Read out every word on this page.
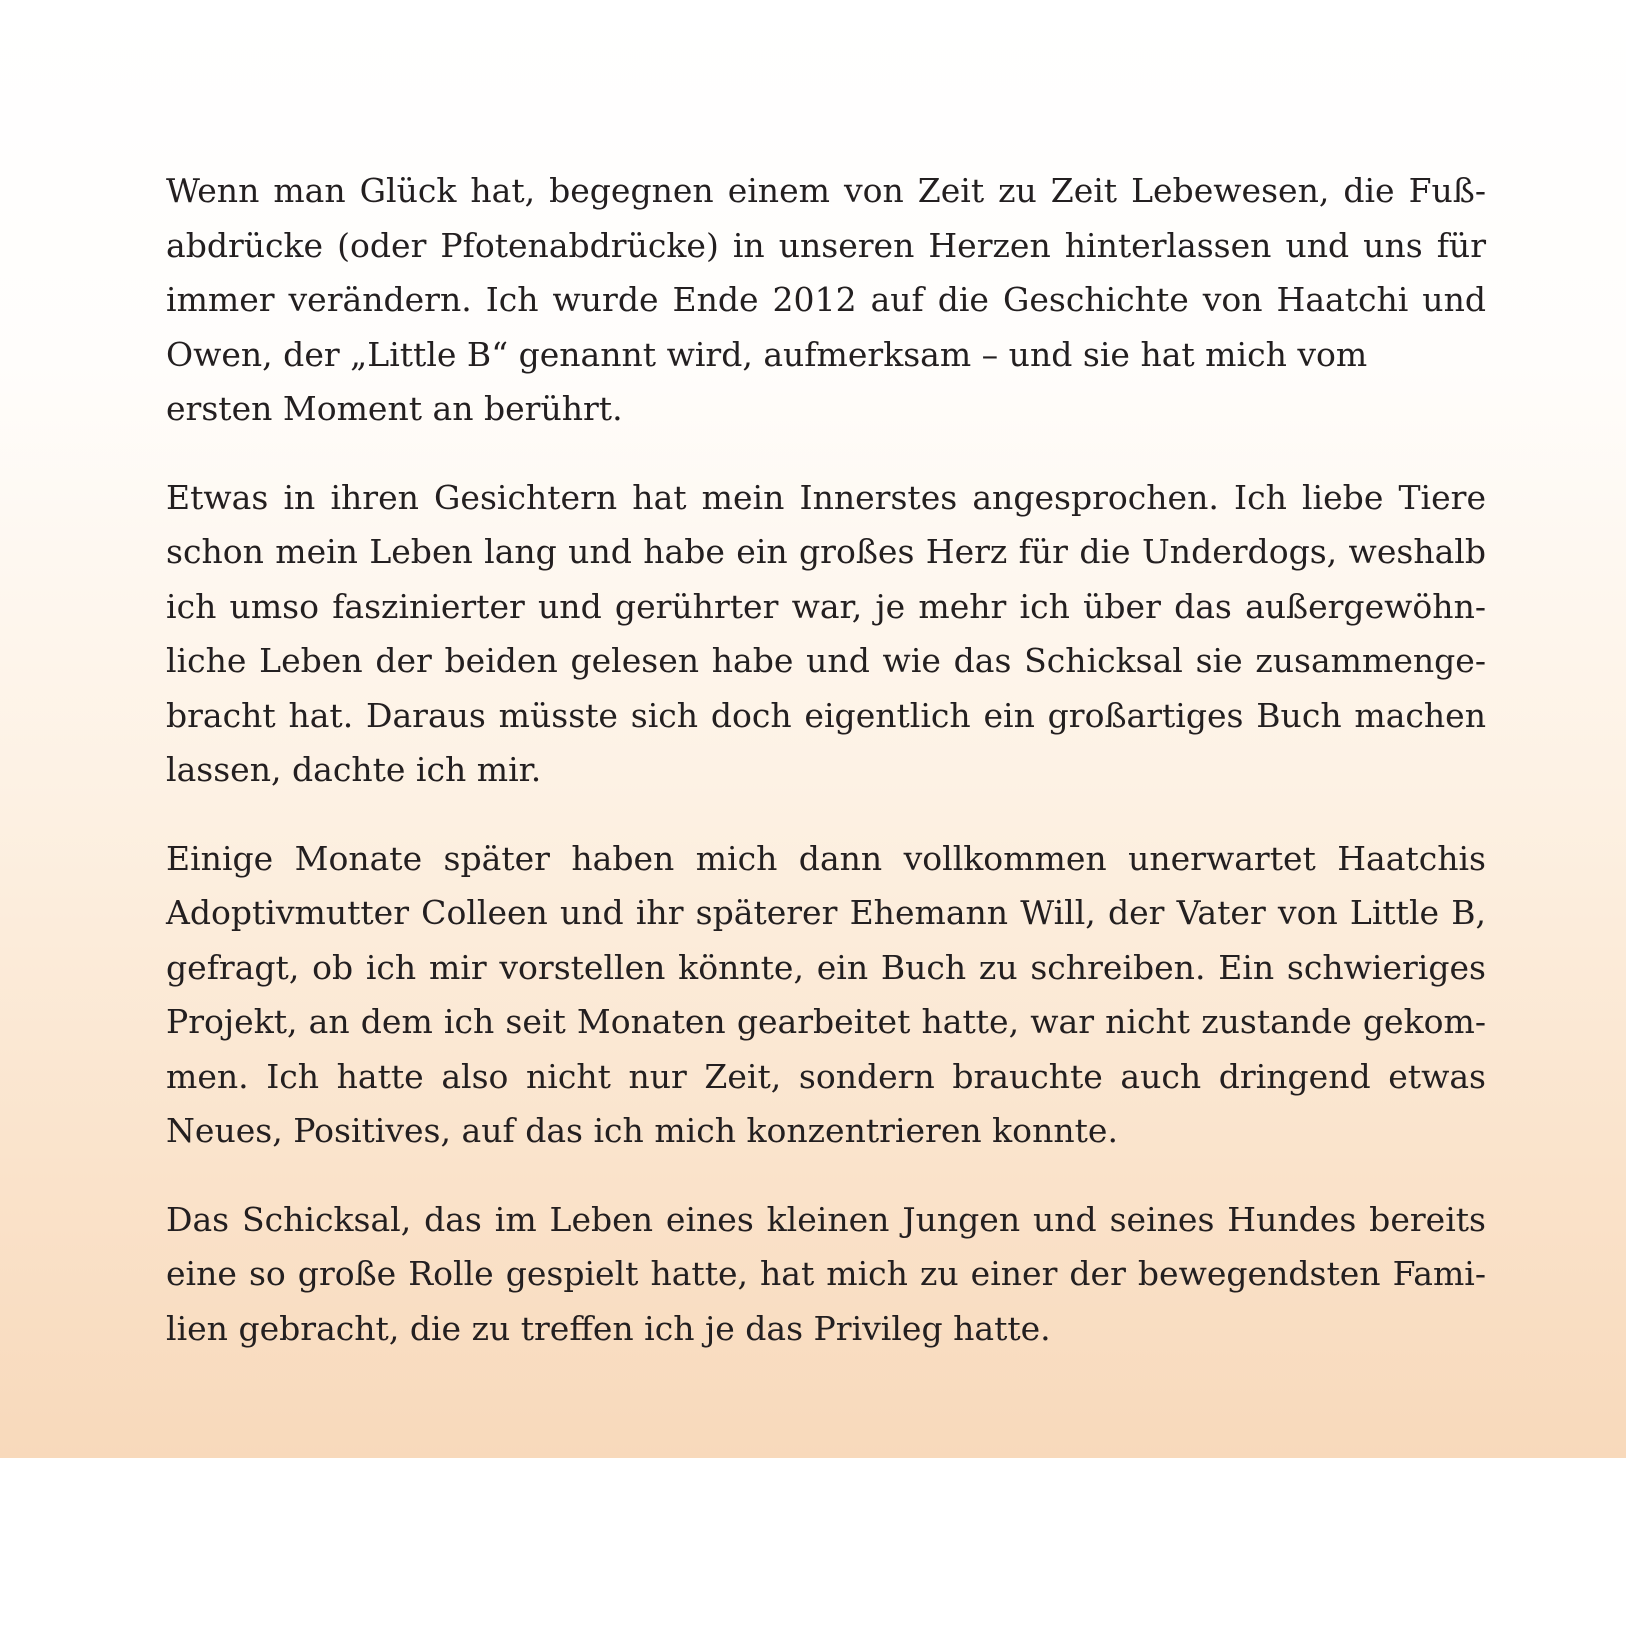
Wenn man Glück hat, begegnen einem von Zeit zu Zeit Lebewesen, die Fuß-
abdrücke (oder Pfotenabdrücke) in unseren Herzen hinterlassen und uns für
immer verändern. Ich wurde Ende 2012 auf die Geschichte von Haatchi und
Owen, der „Little B“ genannt wird, aufmerksam – und sie hat mich vom
ersten Moment an berührt.

Etwas in ihren Gesichtern hat mein Innerstes angesprochen. Ich liebe Tiere
schon mein Leben lang und habe ein großes Herz für die Underdogs, weshalb
ich umso faszinierter und gerührter war, je mehr ich über das außergewöhn-
liche Leben der beiden gelesen habe und wie das Schicksal sie zusammenge-
bracht hat. Daraus müsste sich doch eigentlich ein großartiges Buch machen
lassen, dachte ich mir.

Einige Monate später haben mich dann vollkommen unerwartet Haatchis
Adoptivmutter Colleen und ihr späterer Ehemann Will, der Vater von Little B,
gefragt, ob ich mir vorstellen könnte, ein Buch zu schreiben. Ein schwieriges
Projekt, an dem ich seit Monaten gearbeitet hatte, war nicht zustande gekom-
men. Ich hatte also nicht nur Zeit, sondern brauchte auch dringend etwas
Neues, Positives, auf das ich mich konzentrieren konnte.

Das Schicksal, das im Leben eines kleinen Jungen und seines Hundes bereits
eine so große Rolle gespielt hatte, hat mich zu einer der bewegendsten Fami-
lien gebracht, die zu treffen ich je das Privileg hatte.
